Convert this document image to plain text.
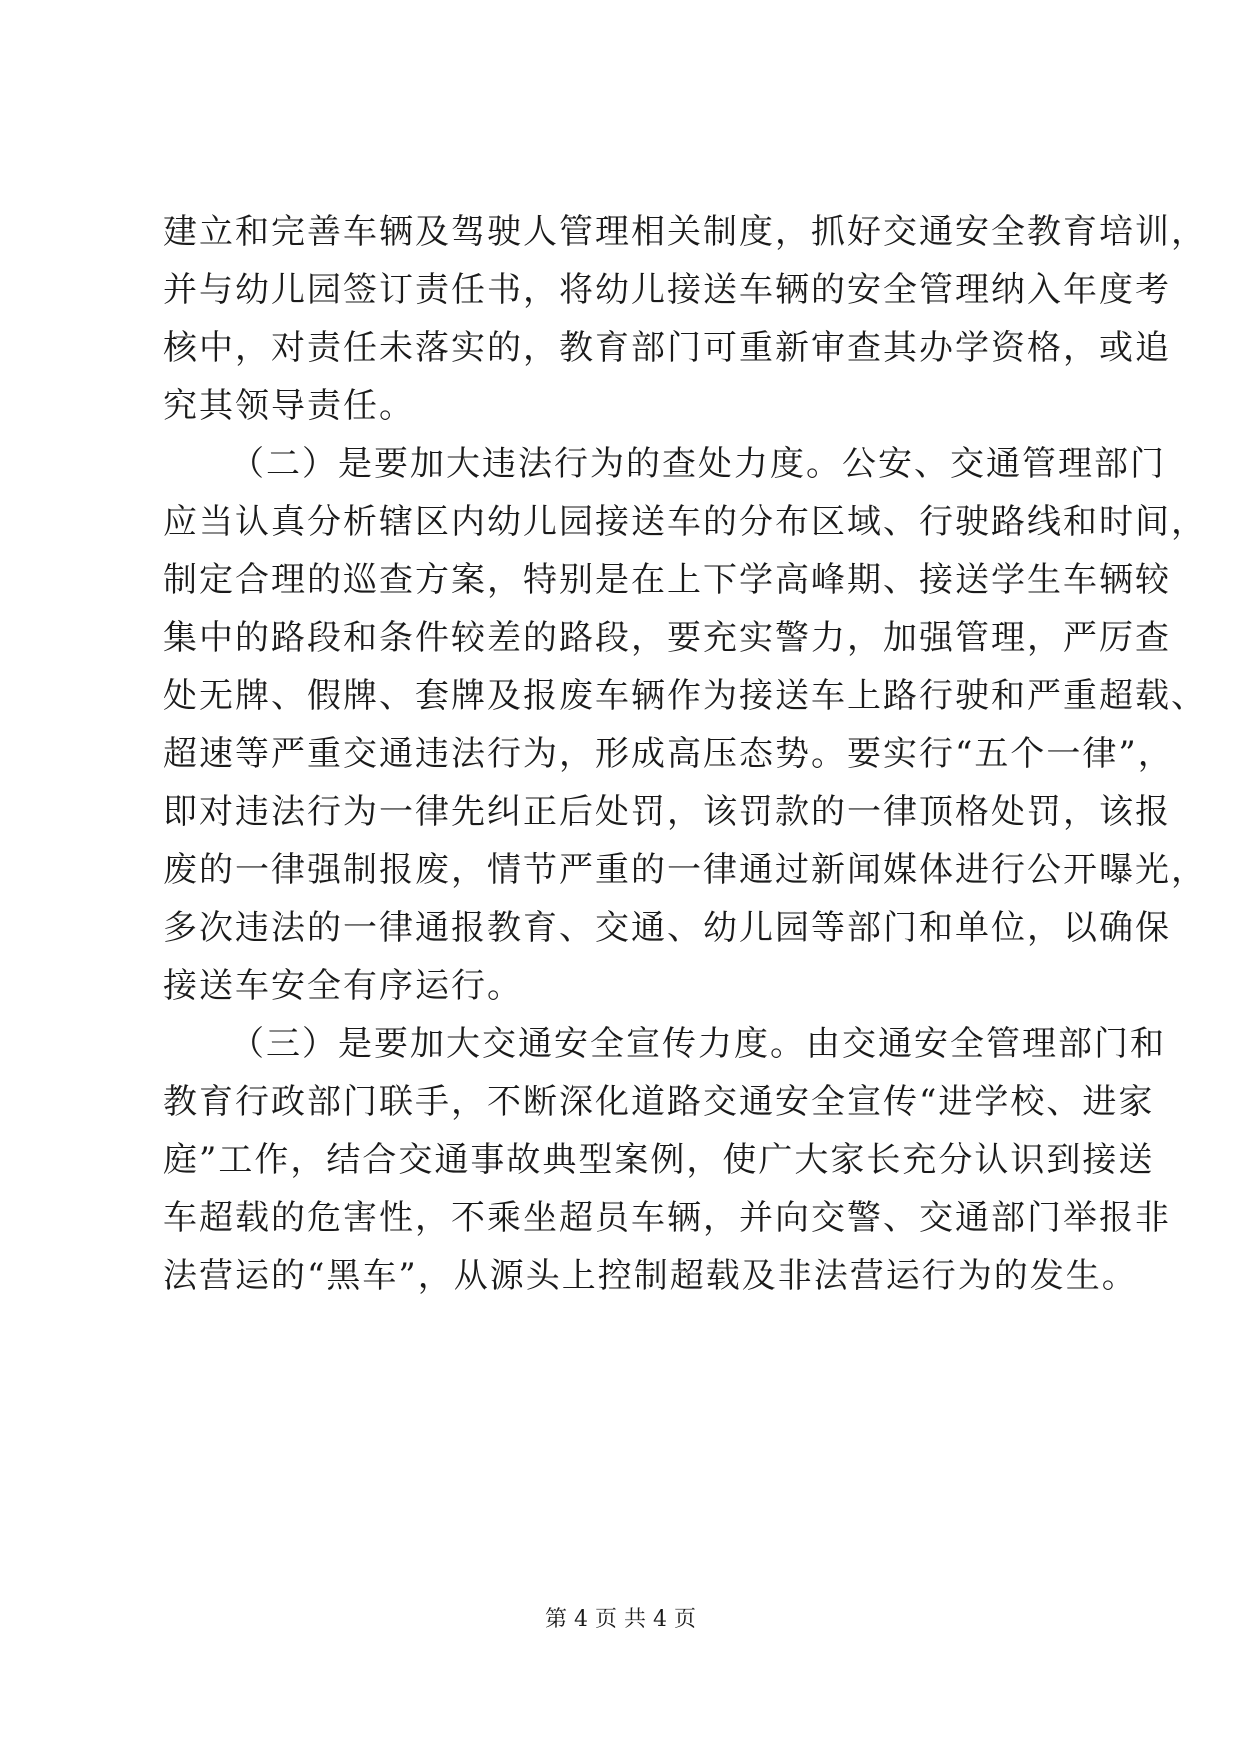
建立和完善车辆及驾驶人管理相关制度，抓好交通安全教育培训，
并与幼儿园签订责任书，将幼儿接送车辆的安全管理纳入年度考
核中，对责任未落实的，教育部门可重新审查其办学资格，或追
究其领导责任。
（二）是要加大违法行为的查处力度。公安、交通管理部门
应当认真分析辖区内幼儿园接送车的分布区域、行驶路线和时间，
制定合理的巡查方案，特别是在上下学高峰期、接送学生车辆较
集中的路段和条件较差的路段，要充实警力，加强管理，严厉查
处无牌、假牌、套牌及报废车辆作为接送车上路行驶和严重超载、
超速等严重交通违法行为，形成高压态势。要实行“五个一律”，
即对违法行为一律先纠正后处罚，该罚款的一律顶格处罚，该报
废的一律强制报废，情节严重的一律通过新闻媒体进行公开曝光，
多次违法的一律通报教育、交通、幼儿园等部门和单位，以确保
接送车安全有序运行。
（三）是要加大交通安全宣传力度。由交通安全管理部门和
教育行政部门联手，不断深化道路交通安全宣传“进学校、进家
庭”工作，结合交通事故典型案例，使广大家长充分认识到接送
车超载的危害性，不乘坐超员车辆，并向交警、交通部门举报非
法营运的“黑车”，从源头上控制超载及非法营运行为的发生。
第 4 页 共 4 页
